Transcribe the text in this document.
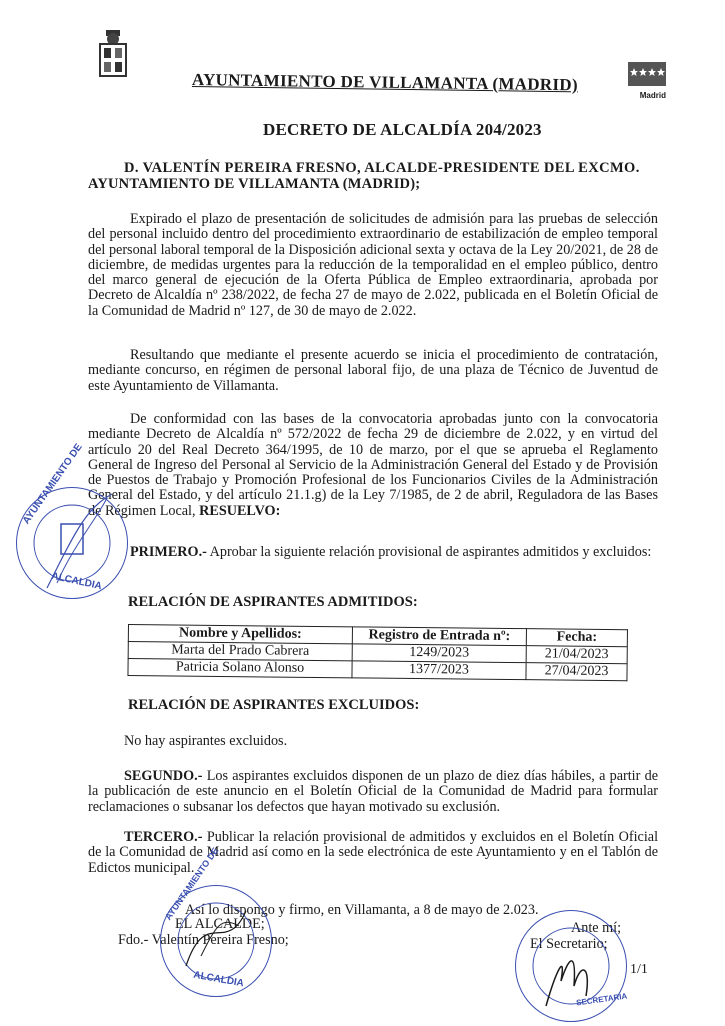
AYUNTAMIENTO DE VILLAMANTA (MADRID)
Madrid
DECRETO DE ALCALDÍA 204/2023
D. VALENTÍN PEREIRA FRESNO, ALCALDE-PRESIDENTE DEL EXCMO.
AYUNTAMIENTO DE VILLAMANTA (MADRID);
Expirado el plazo de presentación de solicitudes de admisión para las pruebas de selección del personal incluido dentro del procedimiento extraordinario de estabilización de empleo temporal del personal laboral temporal de la Disposición adicional sexta y octava de la Ley 20/2021, de 28 de diciembre, de medidas urgentes para la reducción de la temporalidad en el empleo público, dentro del marco general de ejecución de la Oferta Pública de Empleo extraordinaria, aprobada por Decreto de Alcaldía nº 238/2022, de fecha 27 de mayo de 2.022, publicada en el Boletín Oficial de la Comunidad de Madrid nº 127, de 30 de mayo de 2.022.
Resultando que mediante el presente acuerdo se inicia el procedimiento de contratación, mediante concurso, en régimen de personal laboral fijo, de una plaza de Técnico de Juventud de este Ayuntamiento de Villamanta.
De conformidad con las bases de la convocatoria aprobadas junto con la convocatoria mediante Decreto de Alcaldía nº 572/2022 de fecha 29 de diciembre de 2.022, y en virtud del artículo 20 del Real Decreto 364/1995, de 10 de marzo, por el que se aprueba el Reglamento General de Ingreso del Personal al Servicio de la Administración General del Estado y de Provisión de Puestos de Trabajo y Promoción Profesional de los Funcionarios Civiles de la Administración General del Estado, y del artículo 21.1.g) de la Ley 7/1985, de 2 de abril, Reguladora de las Bases de Régimen Local, RESUELVO:
PRIMERO.- Aprobar la siguiente relación provisional de aspirantes admitidos y excluidos:
RELACIÓN DE ASPIRANTES ADMITIDOS:
Nombre y Apellidos:	Registro de Entrada nº:	Fecha:
Marta del Prado Cabrera	1249/2023	21/04/2023
Patricia Solano Alonso	1377/2023	27/04/2023
RELACIÓN DE ASPIRANTES EXCLUIDOS:
No hay aspirantes excluidos.
SEGUNDO.- Los aspirantes excluidos disponen de un plazo de diez días hábiles, a partir de la publicación de este anuncio en el Boletín Oficial de la Comunidad de Madrid para formular reclamaciones o subsanar los defectos que hayan motivado su exclusión.
TERCERO.- Publicar la relación provisional de admitidos y excluidos en el Boletín Oficial de la Comunidad de Madrid así como en la sede electrónica de este Ayuntamiento y en el Tablón de Edictos municipal.
Así lo dispongo y firmo, en Villamanta, a 8 de mayo de 2.023.
EL ALCALDE;
Fdo.- Valentín Pereira Fresno;
Ante mí;
El Secretario;
1/1
AYUNTAMIENTO DE
ALCALDIA
AYUNTAMIENTO DE
ALCALDIA
SECRETARIA
